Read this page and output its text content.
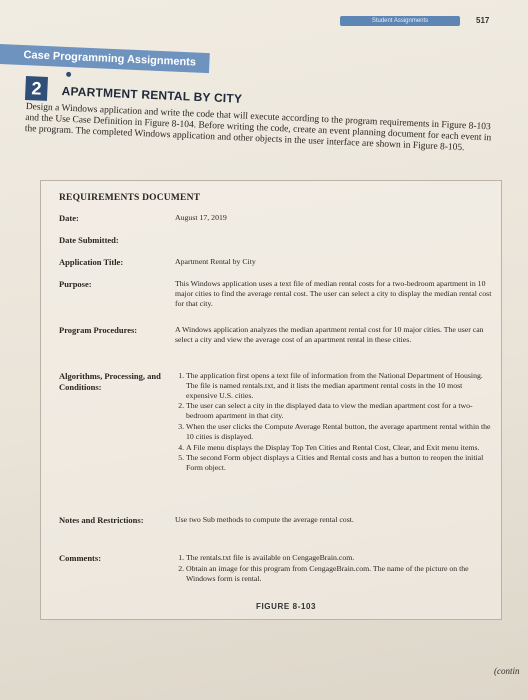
Student Assignments	517
Case Programming Assignments
2	APARTMENT RENTAL BY CITY
Design a Windows application and write the code that will execute according to the program requirements in Figure 8-103 and the Use Case Definition in Figure 8-104. Before writing the code, create an event planning document for each event in the program. The completed Windows application and other objects in the user interface are shown in Figure 8-105.
REQUIREMENTS DOCUMENT
Date:	August 17, 2019
Date Submitted:
Application Title:	Apartment Rental by City
Purpose:	This Windows application uses a text file of median rental costs for a two-bedroom apartment in 10 major cities to find the average rental cost. The user can select a city to display the median rental cost for that city.
Program Procedures:	A Windows application analyzes the median apartment rental cost for 10 major cities. The user can select a city and view the average cost of an apartment rental in these cities.
Algorithms, Processing, and Conditions:
1. The application first opens a text file of information from the National Department of Housing. The file is named rentals.txt, and it lists the median apartment rental costs in the 10 most expensive U.S. cities.
2. The user can select a city in the displayed data to view the median apartment cost for a two-bedroom apartment in that city.
3. When the user clicks the Compute Average Rental button, the average apartment rental within the 10 cities is displayed.
4. A File menu displays the Display Top Ten Cities and Rental Cost, Clear, and Exit menu items.
5. The second Form object displays a Cities and Rental costs and has a button to reopen the initial Form object.
Notes and Restrictions:	Use two Sub methods to compute the average rental cost.
Comments:
1.	The rentals.txt file is available on CengageBrain.com.
2. Obtain an image for this program from CengageBrain.com. The name of the picture on the Windows form is rental.
FIGURE 8-103
(contin
